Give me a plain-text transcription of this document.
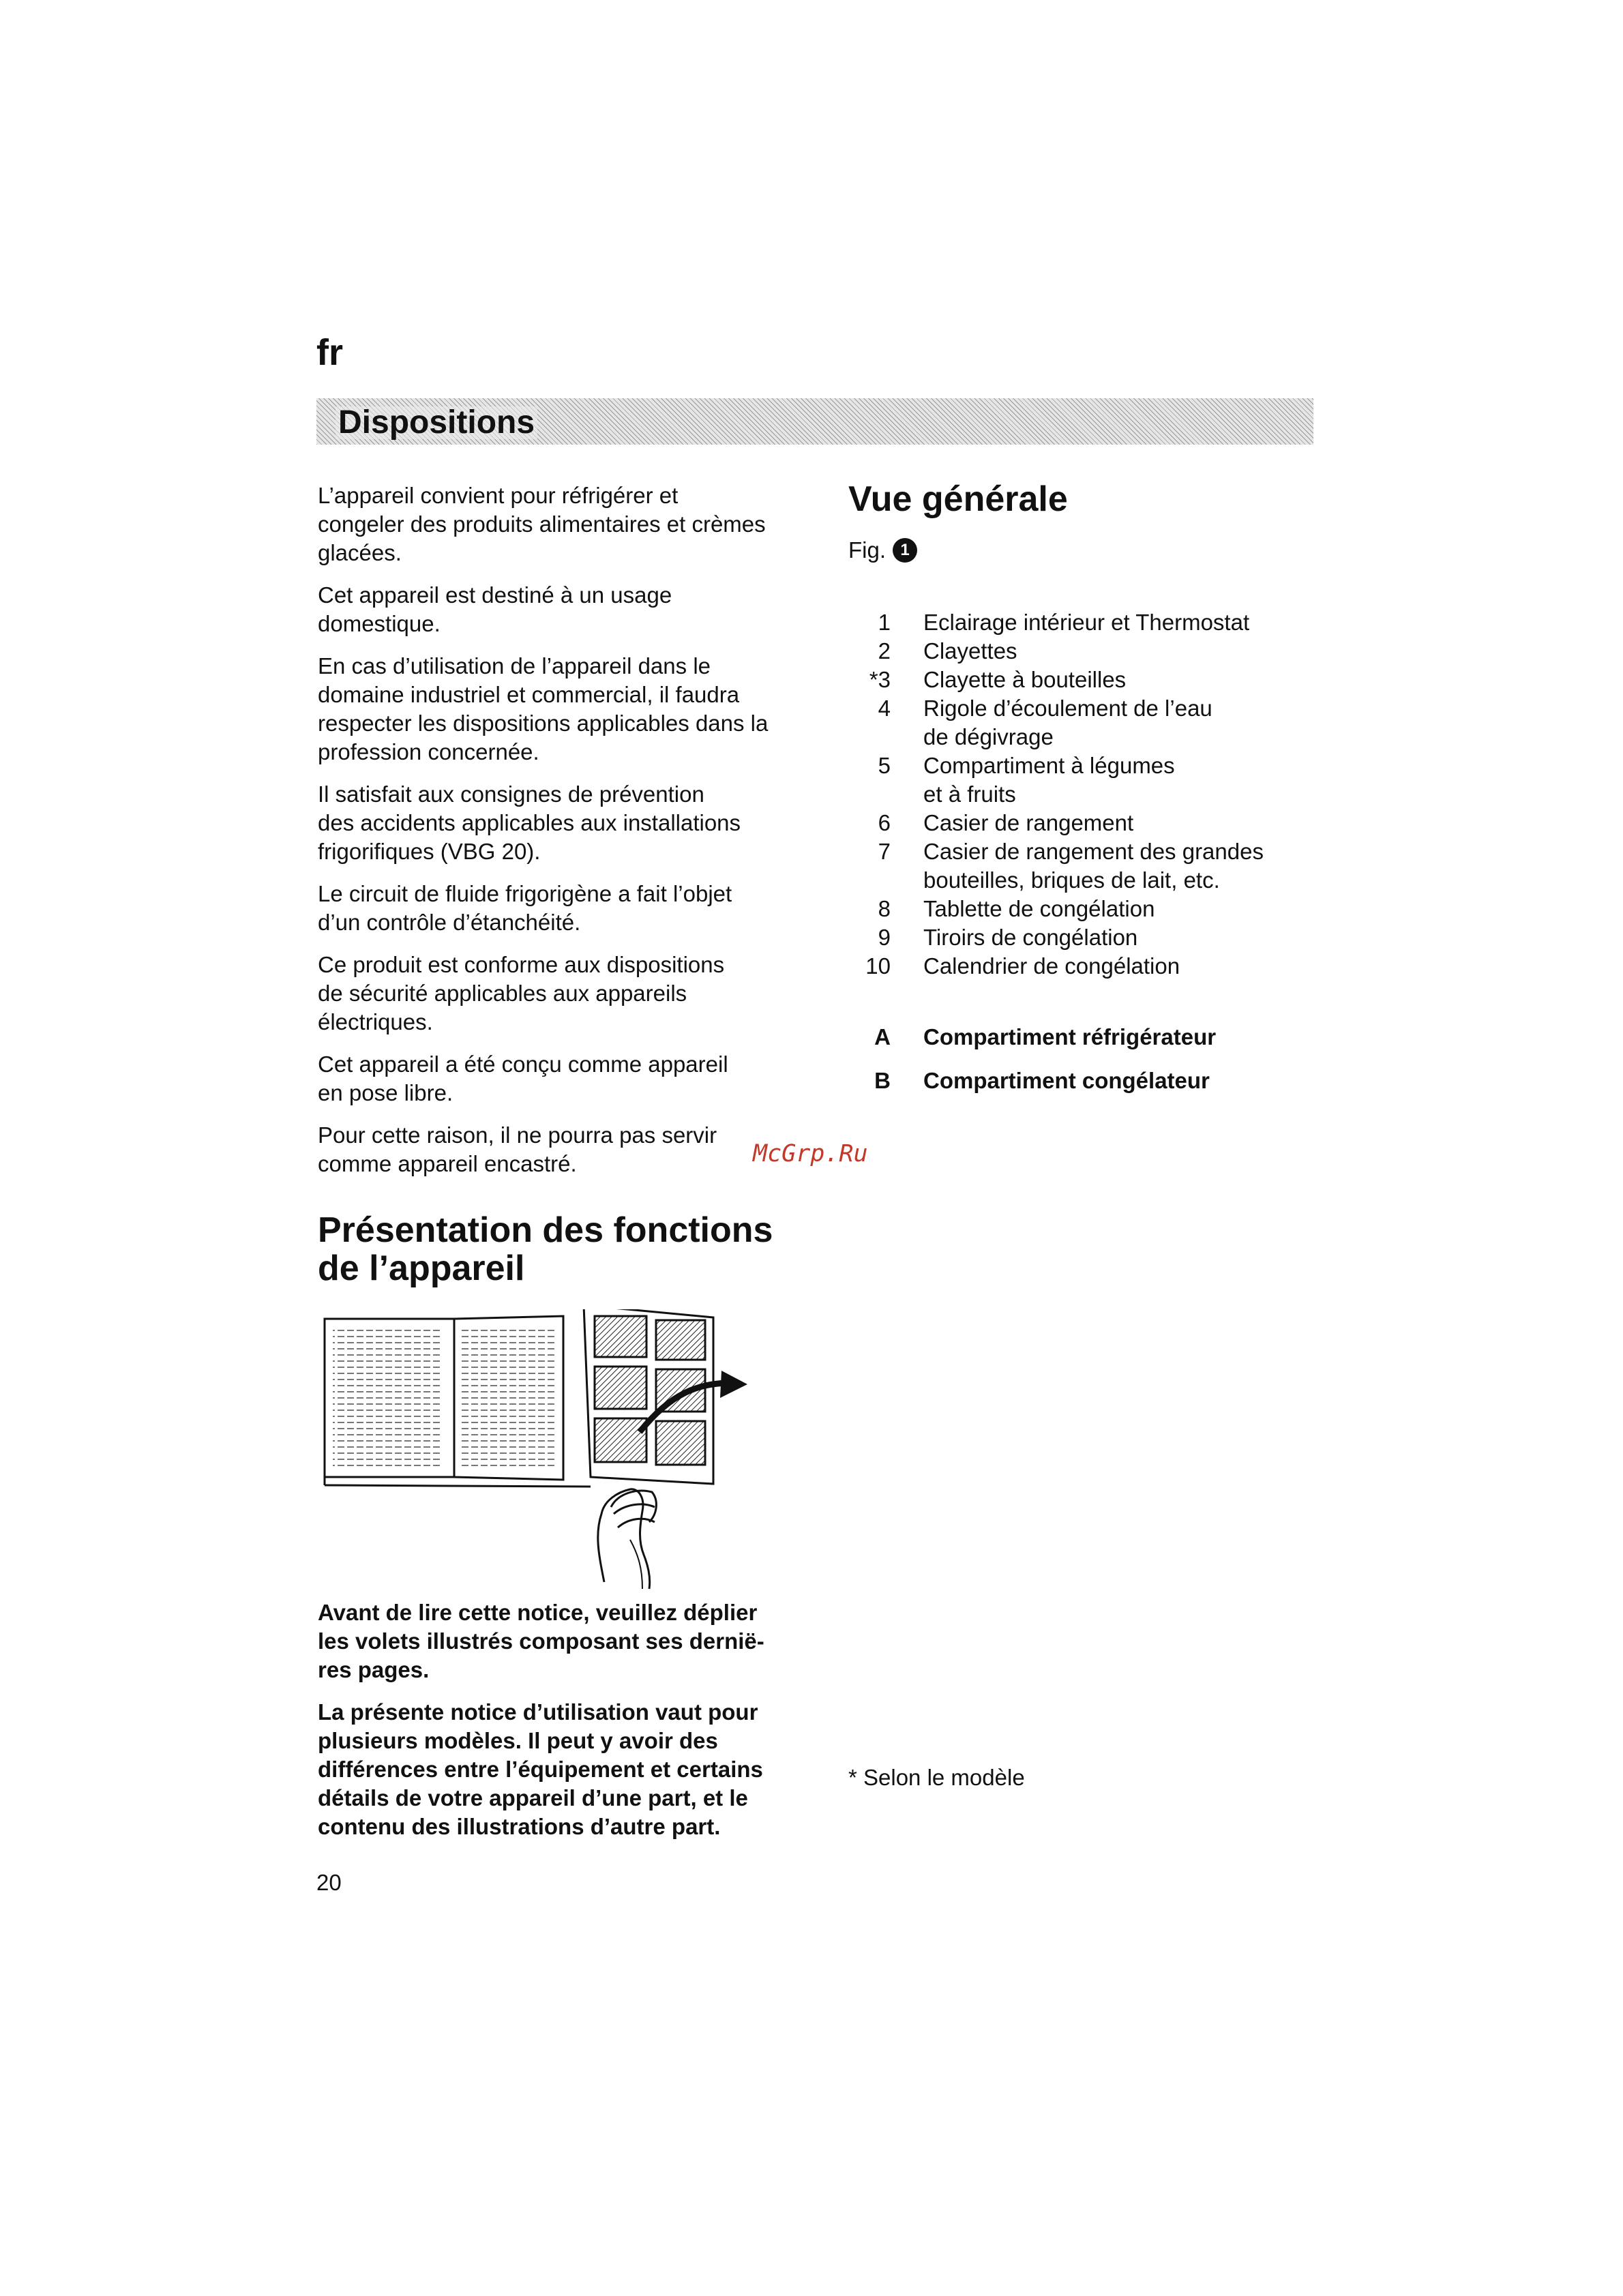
fr
Dispositions

L’appareil convient pour réfrigérer et
congeler des produits alimentaires et crèmes
glacées.

Cet appareil est destiné à un usage
domestique.

En cas d’utilisation de l’appareil dans le
domaine industriel et commercial, il faudra
respecter les dispositions applicables dans la
profession concernée.

Il satisfait aux consignes de prévention
des accidents applicables aux installations
frigorifiques (VBG 20).

Le circuit de fluide frigorigène a fait l’objet
d’un contrôle d’étanchéité.

Ce produit est conforme aux dispositions
de sécurité applicables aux appareils
électriques.

Cet appareil a été conçu comme appareil
en pose libre.

Pour cette raison, il ne pourra pas servir
comme appareil encastré.	McGrp.Ru
Présentation des fonctions
de l’appareil

Avant de lire cette notice, veuillez déplier
les volets illustrés composant ses dernië-
res pages.

La présente notice d’utilisation vaut pour
plusieurs modèles. Il peut y avoir des
différences entre l’équipement et certains
détails de votre appareil d’une part, et le
contenu des illustrations d’autre part.

Vue générale
Fig. 1
1 Eclairage intérieur et Thermostat
2 Clayettes
*3 Clayette à bouteilles
4 Rigole d’écoulement de l’eau
de dégivrage
5 Compartiment à légumes
et à fruits
6 Casier de rangement
7 Casier de rangement des grandes
bouteilles, briques de lait, etc.
8 Tablette de congélation
9 Tiroirs de congélation
10 Calendrier de congélation
A Compartiment réfrigérateur
B Compartiment congélateur
* Selon le modèle
20
